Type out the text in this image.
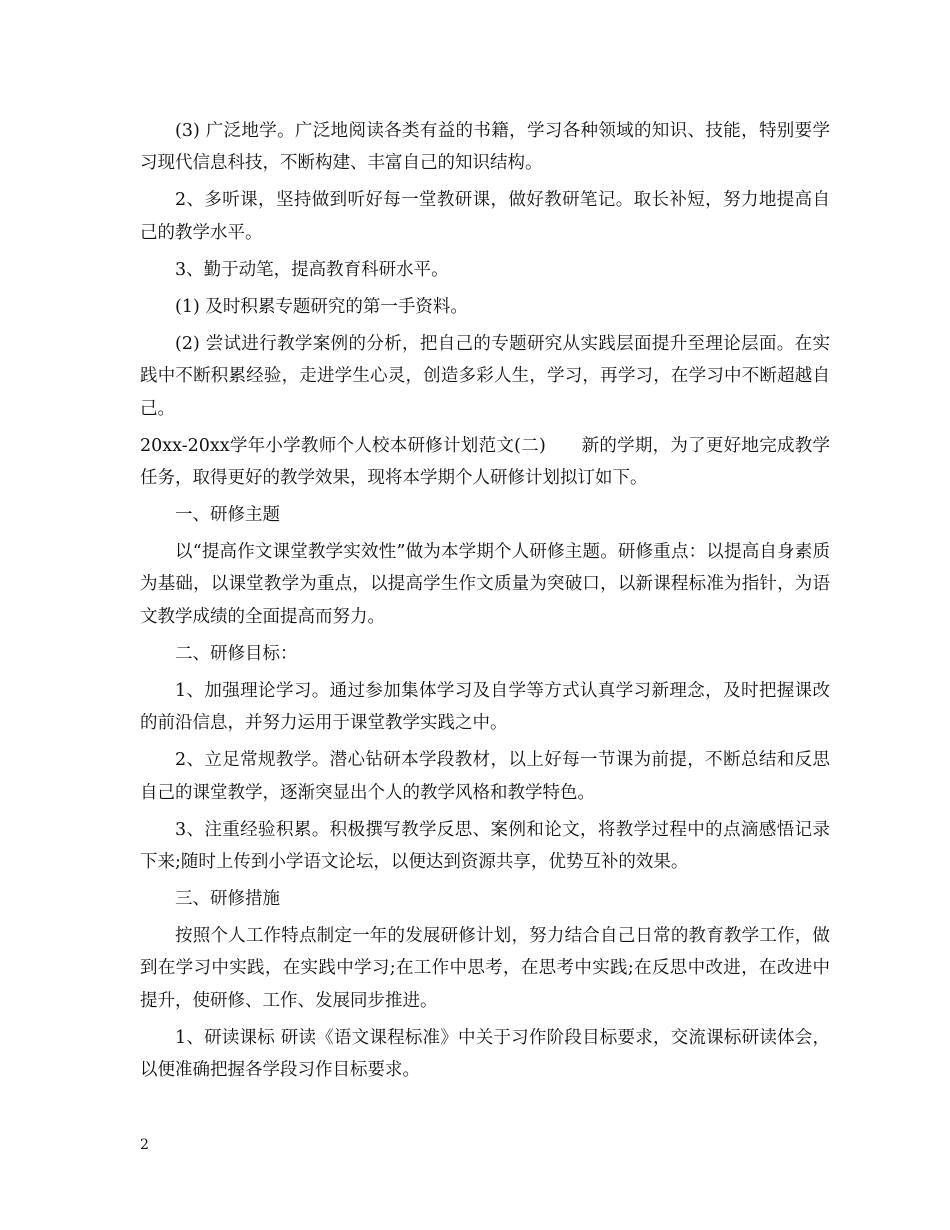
(3) 广泛地学。广泛地阅读各类有益的书籍，学习各种领域的知识、技能，特别要学习现代信息科技，不断构建、丰富自己的知识结构。

2、多听课，坚持做到听好每一堂教研课，做好教研笔记。取长补短，努力地提高自己的教学水平。

3、勤于动笔，提高教育科研水平。

(1) 及时积累专题研究的第一手资料。

(2) 尝试进行教学案例的分析，把自己的专题研究从实践层面提升至理论层面。在实践中不断积累经验，走进学生心灵，创造多彩人生，学习，再学习，在学习中不断超越自己。

20xx-20xx学年小学教师个人校本研修计划范文(二)　　新的学期，为了更好地完成教学任务，取得更好的教学效果，现将本学期个人研修计划拟订如下。

一、研修主题

以“提高作文课堂教学实效性”做为本学期个人研修主题。研修重点：以提高自身素质为基础，以课堂教学为重点，以提高学生作文质量为突破口，以新课程标准为指针，为语文教学成绩的全面提高而努力。

二、研修目标：

1、加强理论学习。通过参加集体学习及自学等方式认真学习新理念，及时把握课改的前沿信息，并努力运用于课堂教学实践之中。

2、立足常规教学。潜心钻研本学段教材，以上好每一节课为前提，不断总结和反思自己的课堂教学，逐渐突显出个人的教学风格和教学特色。

3、注重经验积累。积极撰写教学反思、案例和论文，将教学过程中的点滴感悟记录下来;随时上传到小学语文论坛，以便达到资源共享，优势互补的效果。

三、研修措施

按照个人工作特点制定一年的发展研修计划，努力结合自己日常的教育教学工作，做到在学习中实践，在实践中学习;在工作中思考，在思考中实践;在反思中改进，在改进中提升，使研修、工作、发展同步推进。

1、研读课标 研读《语文课程标准》中关于习作阶段目标要求，交流课标研读体会，以便准确把握各学段习作目标要求。

2
